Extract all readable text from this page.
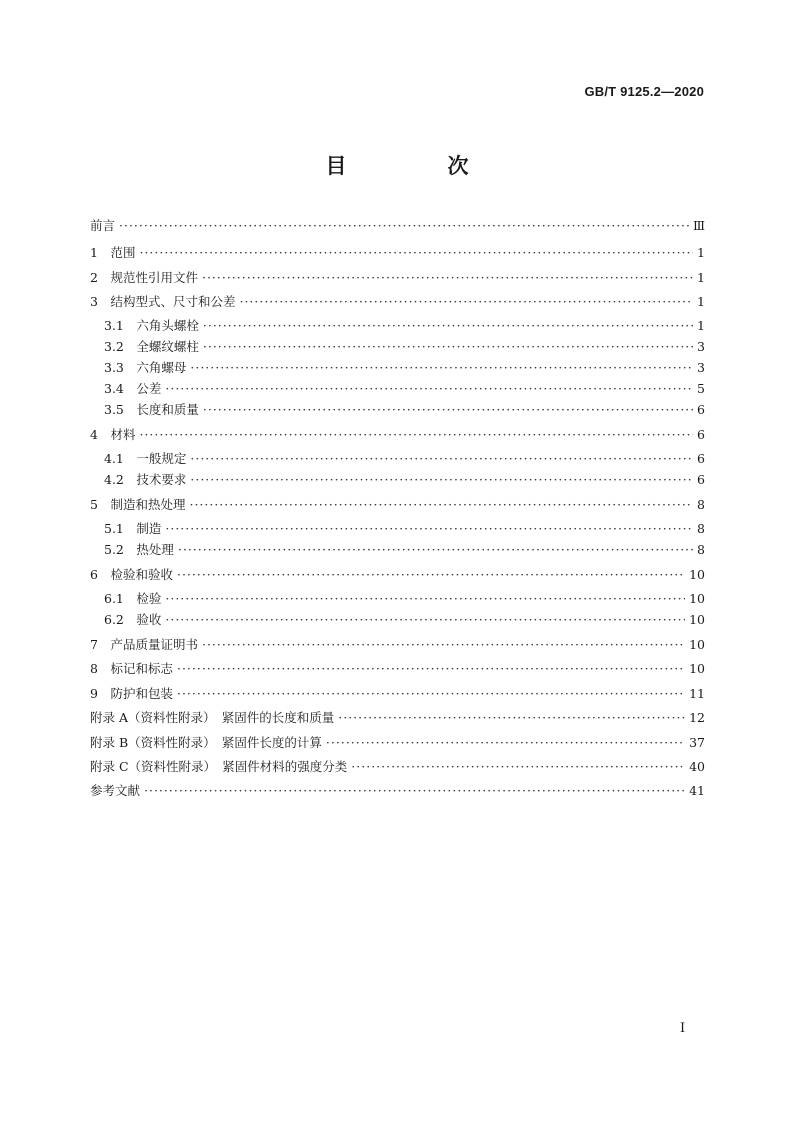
GB/T 9125.2—2020
目　次
Ⅰ
前言 ·····	Ⅲ
1　范围 ·····	1
2　规范性引用文件 ·····	1
3　结构型式、尺寸和公差 ·····	1
3.1　六角头螺栓 ·····	1
3.2　全螺纹螺柱 ·····	3
3.3　六角螺母 ·····	3
3.4　公差 ·····	5
3.5　长度和质量 ·····	6
4　材料 ·····	6
4.1　一般规定 ·····	6
4.2　技术要求 ·····	6
5　制造和热处理 ·····	8
5.1　制造 ·····	8
5.2　热处理 ·····	8
6　检验和验收 ·····	10
6.1　检验 ·····	10
6.2　验收 ·····	10
7　产品质量证明书 ·····	10
8　标记和标志 ·····	10
9　防护和包装 ·····	11
附录 A（资料性附录）　紧固件的长度和质量 ·····	12
附录 B（资料性附录）　紧固件长度的计算 ·····	37
附录 C（资料性附录）　紧固件材料的强度分类 ·····	40
参考文献 ·····	41
